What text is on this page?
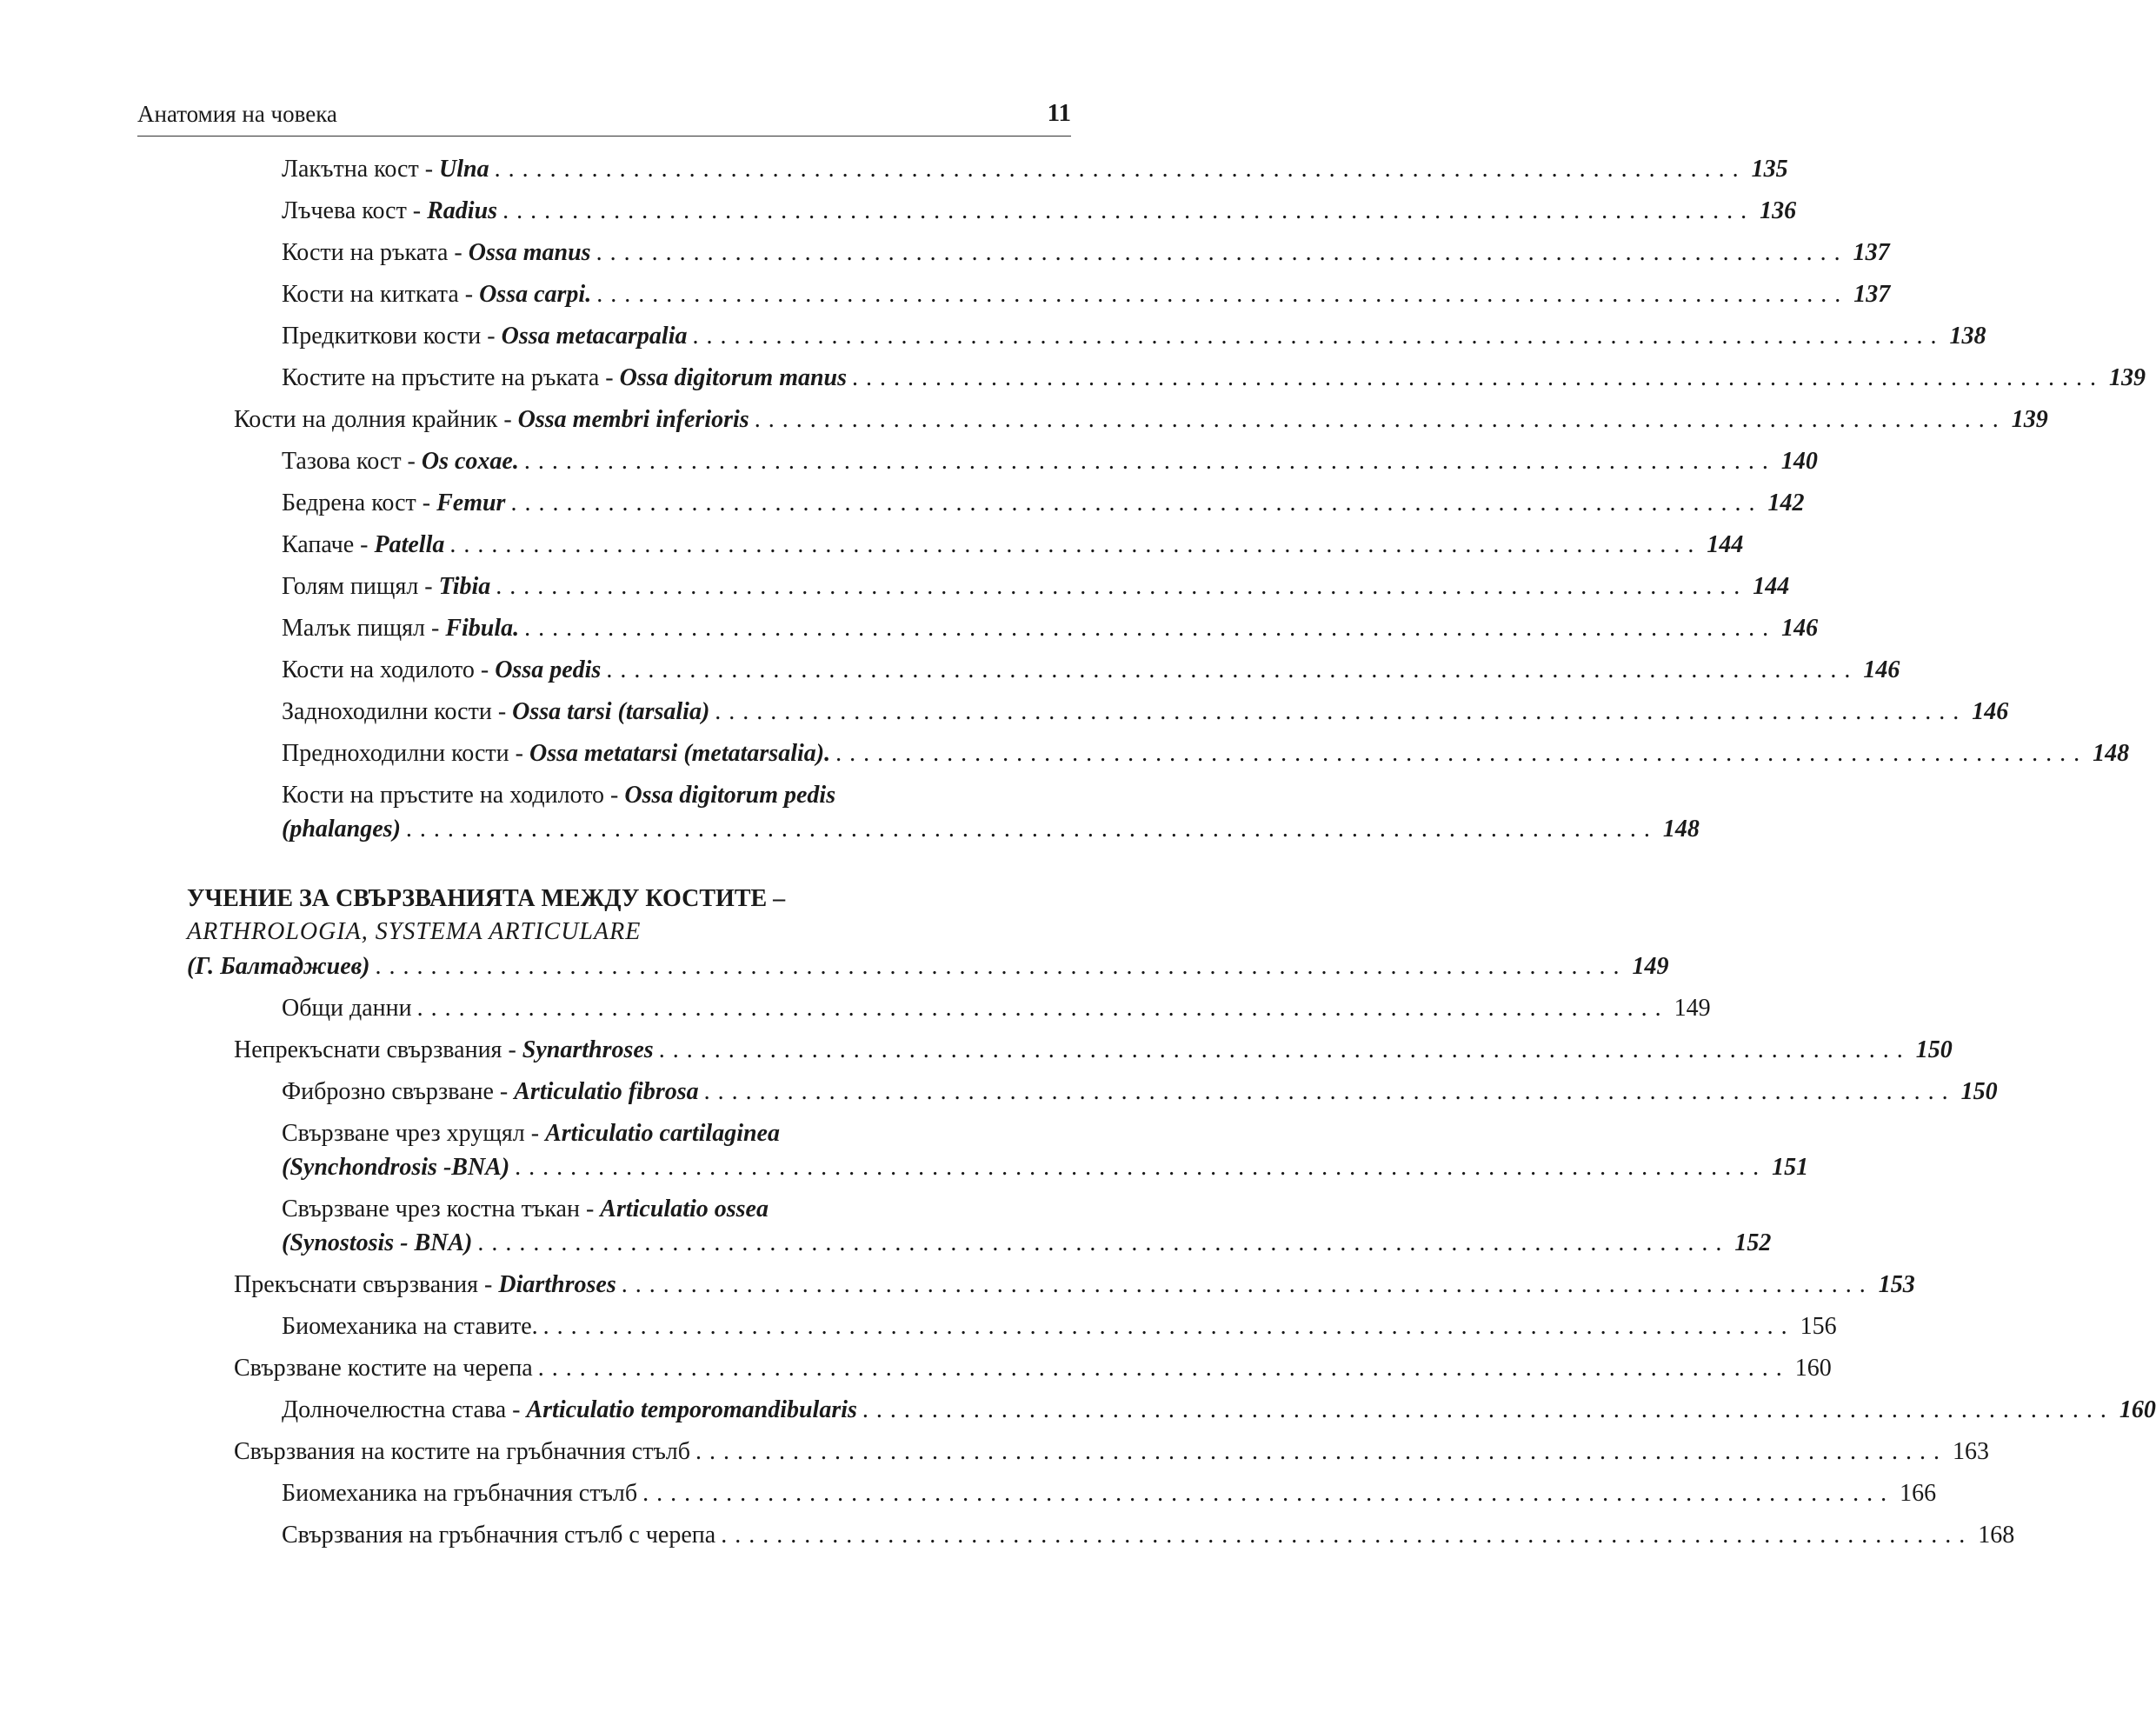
Анатомия на човека	11
Лакътна кост - Ulna .......................................................................................... 135
Лъчева кост - Radius .......................................................................................... 136
Кости на ръката - Ossa manus .......................................................................................... 137
Кости на китката - Ossa carpi. .......................................................................................... 137
Предкиткови кости - Ossa metacarpalia .......................................................................................... 138
Костите на пръстите на ръката - Ossa digitorum manus .......................................................................................... 139
Кости на долния крайник - Ossa membri inferioris .......................................................................................... 139
Тазова кост - Os coxae. .......................................................................................... 140
Бедрена кост - Femur .......................................................................................... 142
Капаче - Patella .......................................................................................... 144
Голям пищял - Tibia .......................................................................................... 144
Малък пищял - Fibula. .......................................................................................... 146
Кости на ходилото - Ossa pedis .......................................................................................... 146
Задноходилни кости - Ossa tarsi (tarsalia) .......................................................................................... 146
Предноходилни кости - Ossa metatarsi (metatarsalia). .......................................................................................... 148
Кости на пръстите на ходилото - Ossa digitorum pedis
(phalanges) .......................................................................................... 148
УЧЕНИЕ ЗА СВЪРЗВАНИЯТА МЕЖДУ КОСТИТЕ –
ARTHROLOGIA, SYSTEMA ARTICULARE
(Г. Балтаджиев) .......................................................................................... 149
Общи данни .......................................................................................... 149
Непрекъснати свързвания - Synarthroses .......................................................................................... 150
Фиброзно свързване - Articulatio fibrosa .......................................................................................... 150
Свързване чрез хрущял - Articulatio cartilaginea
(Synchondrosis -BNA) .......................................................................................... 151
Свързване чрез костна тъкан - Articulatio ossea
(Synostosis - BNA) .......................................................................................... 152
Прекъснати свързвания - Diarthroses .......................................................................................... 153
Биомеханика на ставите. .......................................................................................... 156
Свързване костите на черепа .......................................................................................... 160
Долночелюстна става - Articulatio temporomandibularis .......................................................................................... 160
Свързвания на костите на гръбначния стълб .......................................................................................... 163
Биомеханика на гръбначния стълб .......................................................................................... 166
Свързвания на гръбначния стълб с черепа .......................................................................................... 168
